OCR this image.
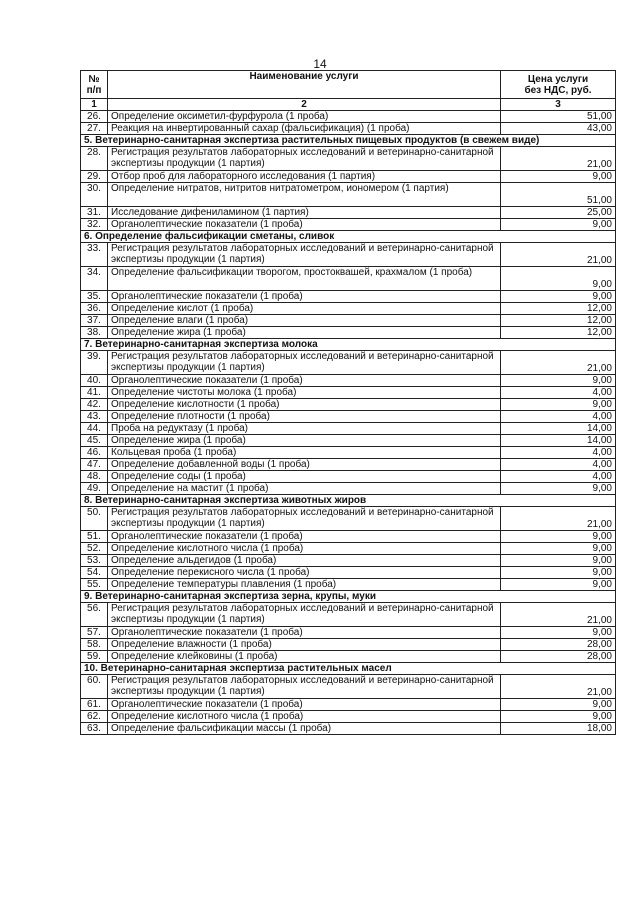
14
№
п/п	Наименование услуги	Цена услуги
без НДС, руб.
1	2	3
26.	Определение оксиметил-фурфурола (1 проба)	51,00
27.	Реакция на инвертированный сахар (фальсификация) (1 проба)	43,00
5. Ветеринарно-санитарная экспертиза растительных пищевых продуктов (в свежем виде)		
28.	Регистрация результатов лабораторных исследований и ветеринарно-санитарной экспертизы продукции (1 партия)	21,00
29.	Отбор проб для лабораторного исследования (1 партия)	9,00
30.	Определение нитратов, нитритов нитратометром, иономером (1 партия)	51,00
31.	Исследование дифениламином (1 партия)	25,00
32.	Органолептические показатели (1 проба)	9,00
6. Определение фальсификации сметаны, сливок		
33.	Регистрация результатов лабораторных исследований и ветеринарно-санитарной экспертизы продукции (1 партия)	21,00
34.	Определение фальсификации творогом, простоквашей, крахмалом (1 проба)	9,00
35.	Органолептические показатели (1 проба)	9,00
36.	Определение кислот (1 проба)	12,00
37.	Определение влаги (1 проба)	12,00
38.	Определение жира (1 проба)	12,00
7. Ветеринарно-санитарная экспертиза молока		
39.	Регистрация результатов лабораторных исследований и ветеринарно-санитарной экспертизы продукции (1 партия)	21,00
40.	Органолептические показатели (1 проба)	9,00
41.	Определение чистоты молока (1 проба)	4,00
42.	Определение кислотности (1 проба)	9,00
43.	Определение плотности (1 проба)	4,00
44.	Проба на редуктазу (1 проба)	14,00
45.	Определение жира (1 проба)	14,00
46.	Кольцевая проба (1 проба)	4,00
47.	Определение добавленной воды (1 проба)	4,00
48.	Определение соды (1 проба)	4,00
49.	Определение на мастит (1 проба)	9,00
8. Ветеринарно-санитарная экспертиза животных жиров		
50.	Регистрация результатов лабораторных исследований и ветеринарно-санитарной экспертизы продукции (1 партия)	21,00
51.	Органолептические показатели (1 проба)	9,00
52.	Определение кислотного числа (1 проба)	9,00
53.	Определение альдегидов (1 проба)	9,00
54.	Определение перекисного числа (1 проба)	9,00
55.	Определение температуры плавления (1 проба)	9,00
9. Ветеринарно-санитарная экспертиза зерна, крупы, муки		
56.	Регистрация результатов лабораторных исследований и ветеринарно-санитарной экспертизы продукции (1 партия)	21,00
57.	Органолептические показатели (1 проба)	9,00
58.	Определение влажности (1 проба)	28,00
59.	Определение клейковины (1 проба)	28,00
10. Ветеринарно-санитарная экспертиза растительных масел		
60.	Регистрация результатов лабораторных исследований и ветеринарно-санитарной экспертизы продукции (1 партия)	21,00
61.	Органолептические показатели (1 проба)	9,00
62.	Определение кислотного числа (1 проба)	9,00
63.	Определение фальсификации массы (1 проба)	18,00
